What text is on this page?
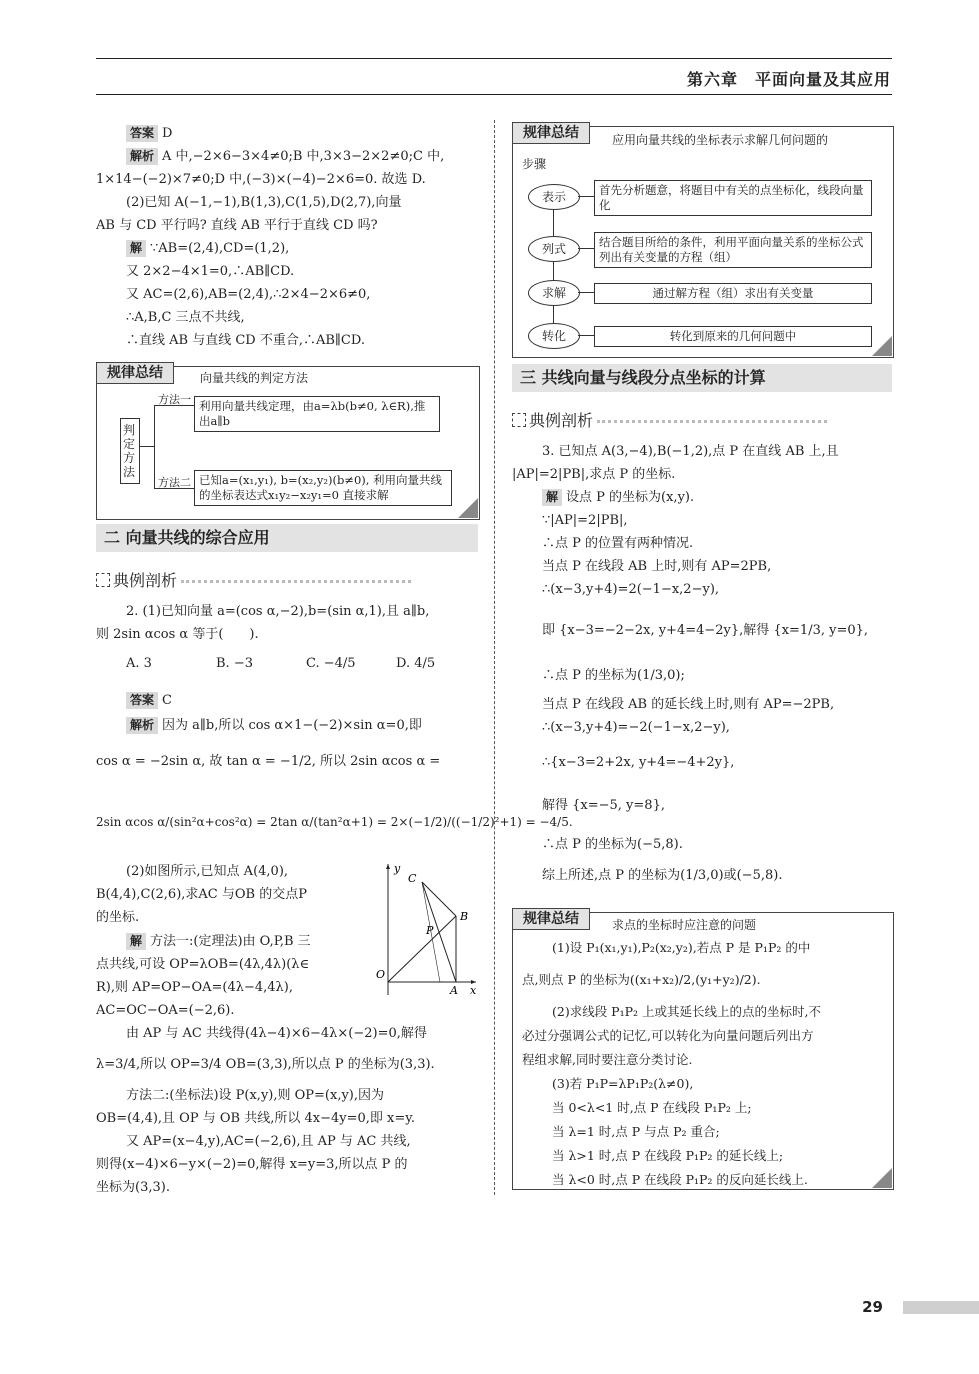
第六章　平面向量及其应用

答案 D

解析 A 中,−2×6−3×4≠0;B 中,3×3−2×2≠0;C 中,

1×14−(−2)×7≠0;D 中,(−3)×(−4)−2×6=0. 故选 D.

(2)已知 A(−1,−1),B(1,3),C(1,5),D(2,7),向量

AB 与 CD 平行吗? 直线 AB 平行于直线 CD 吗?

解 ∵AB=(2,4),CD=(1,2),

又 2×2−4×1=0,∴AB∥CD.

又 AC=(2,6),AB=(2,4),∴2×4−2×6≠0,

∴A,B,C 三点不共线,

∴直线 AB 与直线 CD 不重合,∴AB∥CD.

规律总结	向量共线的判定方法
判定方法
方法一
方法二
利用向量共线定理，由a=λb(b≠0, λ∈R),推出a∥b
已知a=(x₁,y₁), b=(x₂,y₂)(b≠0), 利用向量共线的坐标表达式x₁y₂−x₂y₁=0 直接求解
二 向量共线的综合应用
典例剖析

2. (1)已知向量 a=(cos α,−2),b=(sin α,1),且 a∥b,

则 2sin αcos α 等于(　　).

A. 3	B. −3	C. −4/5	D. 4/5

答案 C

解析 因为 a∥b,所以 cos α×1−(−2)×sin α=0,即

cos α = −2sin α, 故 tan α = −1/2, 所以 2sin αcos α =
2sin αcos α/(sin²α+cos²α) = 2tan α/(tan²α+1) = 2×(−1/2)/((−1/2)²+1) = −4/5.

(2)如图所示,已知点 A(4,0),

B(4,4),C(2,6),求AC 与OB 的交点P

的坐标.

y
x
O
A
B
C
P

解 方法一:(定理法)由 O,P,B 三

点共线,可设 OP=λOB=(4λ,4λ)(λ∈

R),则 AP=OP−OA=(4λ−4,4λ),

AC=OC−OA=(−2,6).

由 AP 与 AC 共线得(4λ−4)×6−4λ×(−2)=0,解得

λ=3/4,所以 OP=3/4 OB=(3,3),所以点 P 的坐标为(3,3).

方法二:(坐标法)设 P(x,y),则 OP=(x,y),因为

OB=(4,4),且 OP 与 OB 共线,所以 4x−4y=0,即 x=y.

又 AP=(x−4,y),AC=(−2,6),且 AP 与 AC 共线,

则得(x−4)×6−y×(−2)=0,解得 x=y=3,所以点 P 的

坐标为(3,3).

规律总结	应用向量共线的坐标表示求解几何问题的
步骤
表示	首先分析题意，将题目中有关的点坐标化，线段向量化
列式	结合题目所给的条件，利用平面向量关系的坐标公式列出有关变量的方程（组）
求解	通过解方程（组）求出有关变量
转化	转化到原来的几何问题中
三 共线向量与线段分点坐标的计算
典例剖析

3. 已知点 A(3,−4),B(−1,2),点 P 在直线 AB 上,且

|AP|=2|PB|,求点 P 的坐标.

解 设点 P 的坐标为(x,y).

∵|AP|=2|PB|,

∴点 P 的位置有两种情况.

当点 P 在线段 AB 上时,则有 AP=2PB,

∴(x−3,y+4)=2(−1−x,2−y),

即 {x−3=−2−2x, y+4=4−2y},解得 {x=1/3, y=0},

∴点 P 的坐标为(1/3,0);

当点 P 在线段 AB 的延长线上时,则有 AP=−2PB,

∴(x−3,y+4)=−2(−1−x,2−y),

∴{x−3=2+2x, y+4=−4+2y},

解得 {x=−5, y=8},

∴点 P 的坐标为(−5,8).

综上所述,点 P 的坐标为(1/3,0)或(−5,8).

规律总结	求点的坐标时应注意的问题

(1)设 P₁(x₁,y₁),P₂(x₂,y₂),若点 P 是 P₁P₂ 的中

点,则点 P 的坐标为((x₁+x₂)/2,(y₁+y₂)/2).

(2)求线段 P₁P₂ 上或其延长线上的点的坐标时,不

必过分强调公式的记忆,可以转化为向量问题后列出方

程组求解,同时要注意分类讨论.

(3)若 P₁P=λP₁P₂(λ≠0),

当 0<λ<1 时,点 P 在线段 P₁P₂ 上;

当 λ=1 时,点 P 与点 P₂ 重合;

当 λ>1 时,点 P 在线段 P₁P₂ 的延长线上;

当 λ<0 时,点 P 在线段 P₁P₂ 的反向延长线上.

29
